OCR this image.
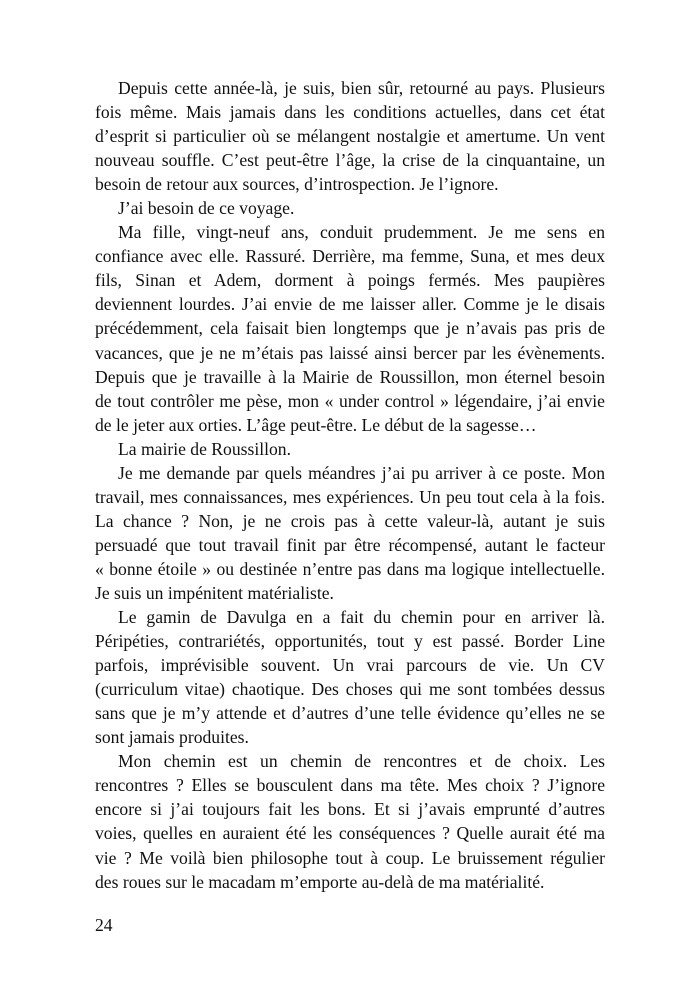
Depuis cette année-là, je suis, bien sûr, retourné au pays. Plusieurs
fois même. Mais jamais dans les conditions actuelles, dans cet état
d’esprit si particulier où se mélangent nostalgie et amertume. Un vent
nouveau souffle. C’est peut-être l’âge, la crise de la cinquantaine, un
besoin de retour aux sources, d’introspection. Je l’ignore.
J’ai besoin de ce voyage.
Ma fille, vingt-neuf ans, conduit prudemment. Je me sens en
confiance avec elle. Rassuré. Derrière, ma femme, Suna, et mes deux
fils, Sinan et Adem, dorment à poings fermés. Mes paupières
deviennent lourdes. J’ai envie de me laisser aller. Comme je le disais
précédemment, cela faisait bien longtemps que je n’avais pas pris de
vacances, que je ne m’étais pas laissé ainsi bercer par les évènements.
Depuis que je travaille à la Mairie de Roussillon, mon éternel besoin
de tout contrôler me pèse, mon « under control » légendaire, j’ai envie
de le jeter aux orties. L’âge peut-être. Le début de la sagesse…
La mairie de Roussillon.
Je me demande par quels méandres j’ai pu arriver à ce poste. Mon
travail, mes connaissances, mes expériences. Un peu tout cela à la fois.
La chance ? Non, je ne crois pas à cette valeur-là, autant je suis
persuadé que tout travail finit par être récompensé, autant le facteur
« bonne étoile » ou destinée n’entre pas dans ma logique intellectuelle.
Je suis un impénitent matérialiste.
Le gamin de Davulga en a fait du chemin pour en arriver là.
Péripéties, contrariétés, opportunités, tout y est passé. Border Line
parfois, imprévisible souvent. Un vrai parcours de vie. Un CV
(curriculum vitae) chaotique. Des choses qui me sont tombées dessus
sans que je m’y attende et d’autres d’une telle évidence qu’elles ne se
sont jamais produites.
Mon chemin est un chemin de rencontres et de choix. Les
rencontres ? Elles se bousculent dans ma tête. Mes choix ? J’ignore
encore si j’ai toujours fait les bons. Et si j’avais emprunté d’autres
voies, quelles en auraient été les conséquences ? Quelle aurait été ma
vie ? Me voilà bien philosophe tout à coup. Le bruissement régulier
des roues sur le macadam m’emporte au-delà de ma matérialité.
24
